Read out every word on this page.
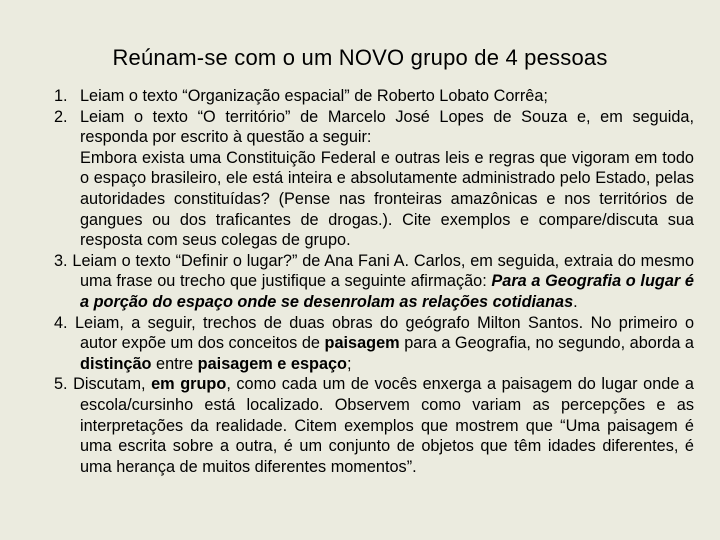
Reúnam-se com o um NOVO grupo de 4 pessoas

1. Leiam o texto “Organização espacial” de Roberto Lobato Corrêa;

2. Leiam o texto “O território” de Marcelo José Lopes de Souza e, em seguida, responda por escrito à questão a seguir:
Embora exista uma Constituição Federal e outras leis e regras que vigoram em todo o espaço brasileiro, ele está inteira e absolutamente administrado pelo Estado, pelas autoridades constituídas? (Pense nas fronteiras amazônicas e nos territórios de gangues ou dos traficantes de drogas.). Cite exemplos e compare/discuta sua resposta com seus colegas de grupo.

3. Leiam o texto “Definir o lugar?” de Ana Fani A. Carlos, em seguida, extraia do mesmo uma frase ou trecho que justifique a seguinte afirmação: Para a Geografia o lugar é a porção do espaço onde se desenrolam as relações cotidianas.

4. Leiam, a seguir, trechos de duas obras do geógrafo Milton Santos. No primeiro o autor expõe um dos conceitos de paisagem para a Geografia, no segundo, aborda a distinção entre paisagem e espaço;

5. Discutam, em grupo, como cada um de vocês enxerga a paisagem do lugar onde a escola/cursinho está localizado. Observem como variam as percepções e as interpretações da realidade. Citem exemplos que mostrem que “Uma paisagem é uma escrita sobre a outra, é um conjunto de objetos que têm idades diferentes, é uma herança de muitos diferentes momentos”.
